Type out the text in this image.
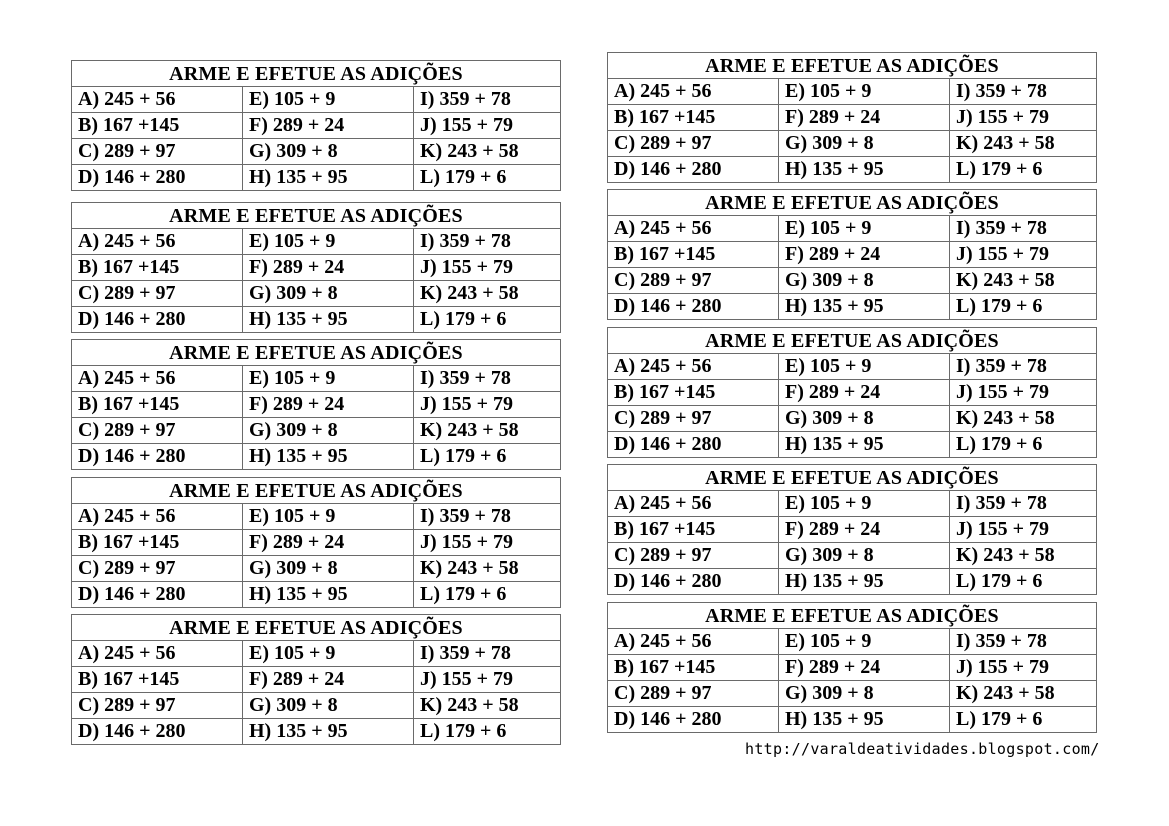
ARME E EFETUE AS ADIÇÕES
A) 245 + 56	E) 105 + 9	I) 359 + 78
B) 167 +145	F) 289 + 24	J) 155 + 79
C) 289 + 97	G) 309 + 8	K) 243 + 58
D) 146 + 280	H) 135 + 95	L) 179 + 6
ARME E EFETUE AS ADIÇÕES
A) 245 + 56	E) 105 + 9	I) 359 + 78
B) 167 +145	F) 289 + 24	J) 155 + 79
C) 289 + 97	G) 309 + 8	K) 243 + 58
D) 146 + 280	H) 135 + 95	L) 179 + 6
ARME E EFETUE AS ADIÇÕES
A) 245 + 56	E) 105 + 9	I) 359 + 78
B) 167 +145	F) 289 + 24	J) 155 + 79
C) 289 + 97	G) 309 + 8	K) 243 + 58
D) 146 + 280	H) 135 + 95	L) 179 + 6
ARME E EFETUE AS ADIÇÕES
A) 245 + 56	E) 105 + 9	I) 359 + 78
B) 167 +145	F) 289 + 24	J) 155 + 79
C) 289 + 97	G) 309 + 8	K) 243 + 58
D) 146 + 280	H) 135 + 95	L) 179 + 6
ARME E EFETUE AS ADIÇÕES
A) 245 + 56	E) 105 + 9	I) 359 + 78
B) 167 +145	F) 289 + 24	J) 155 + 79
C) 289 + 97	G) 309 + 8	K) 243 + 58
D) 146 + 280	H) 135 + 95	L) 179 + 6
ARME E EFETUE AS ADIÇÕES
A) 245 + 56	E) 105 + 9	I) 359 + 78
B) 167 +145	F) 289 + 24	J) 155 + 79
C) 289 + 97	G) 309 + 8	K) 243 + 58
D) 146 + 280	H) 135 + 95	L) 179 + 6
ARME E EFETUE AS ADIÇÕES
A) 245 + 56	E) 105 + 9	I) 359 + 78
B) 167 +145	F) 289 + 24	J) 155 + 79
C) 289 + 97	G) 309 + 8	K) 243 + 58
D) 146 + 280	H) 135 + 95	L) 179 + 6
ARME E EFETUE AS ADIÇÕES
A) 245 + 56	E) 105 + 9	I) 359 + 78
B) 167 +145	F) 289 + 24	J) 155 + 79
C) 289 + 97	G) 309 + 8	K) 243 + 58
D) 146 + 280	H) 135 + 95	L) 179 + 6
ARME E EFETUE AS ADIÇÕES
A) 245 + 56	E) 105 + 9	I) 359 + 78
B) 167 +145	F) 289 + 24	J) 155 + 79
C) 289 + 97	G) 309 + 8	K) 243 + 58
D) 146 + 280	H) 135 + 95	L) 179 + 6
ARME E EFETUE AS ADIÇÕES
A) 245 + 56	E) 105 + 9	I) 359 + 78
B) 167 +145	F) 289 + 24	J) 155 + 79
C) 289 + 97	G) 309 + 8	K) 243 + 58
D) 146 + 280	H) 135 + 95	L) 179 + 6
http://varaldeatividades.blogspot.com/
